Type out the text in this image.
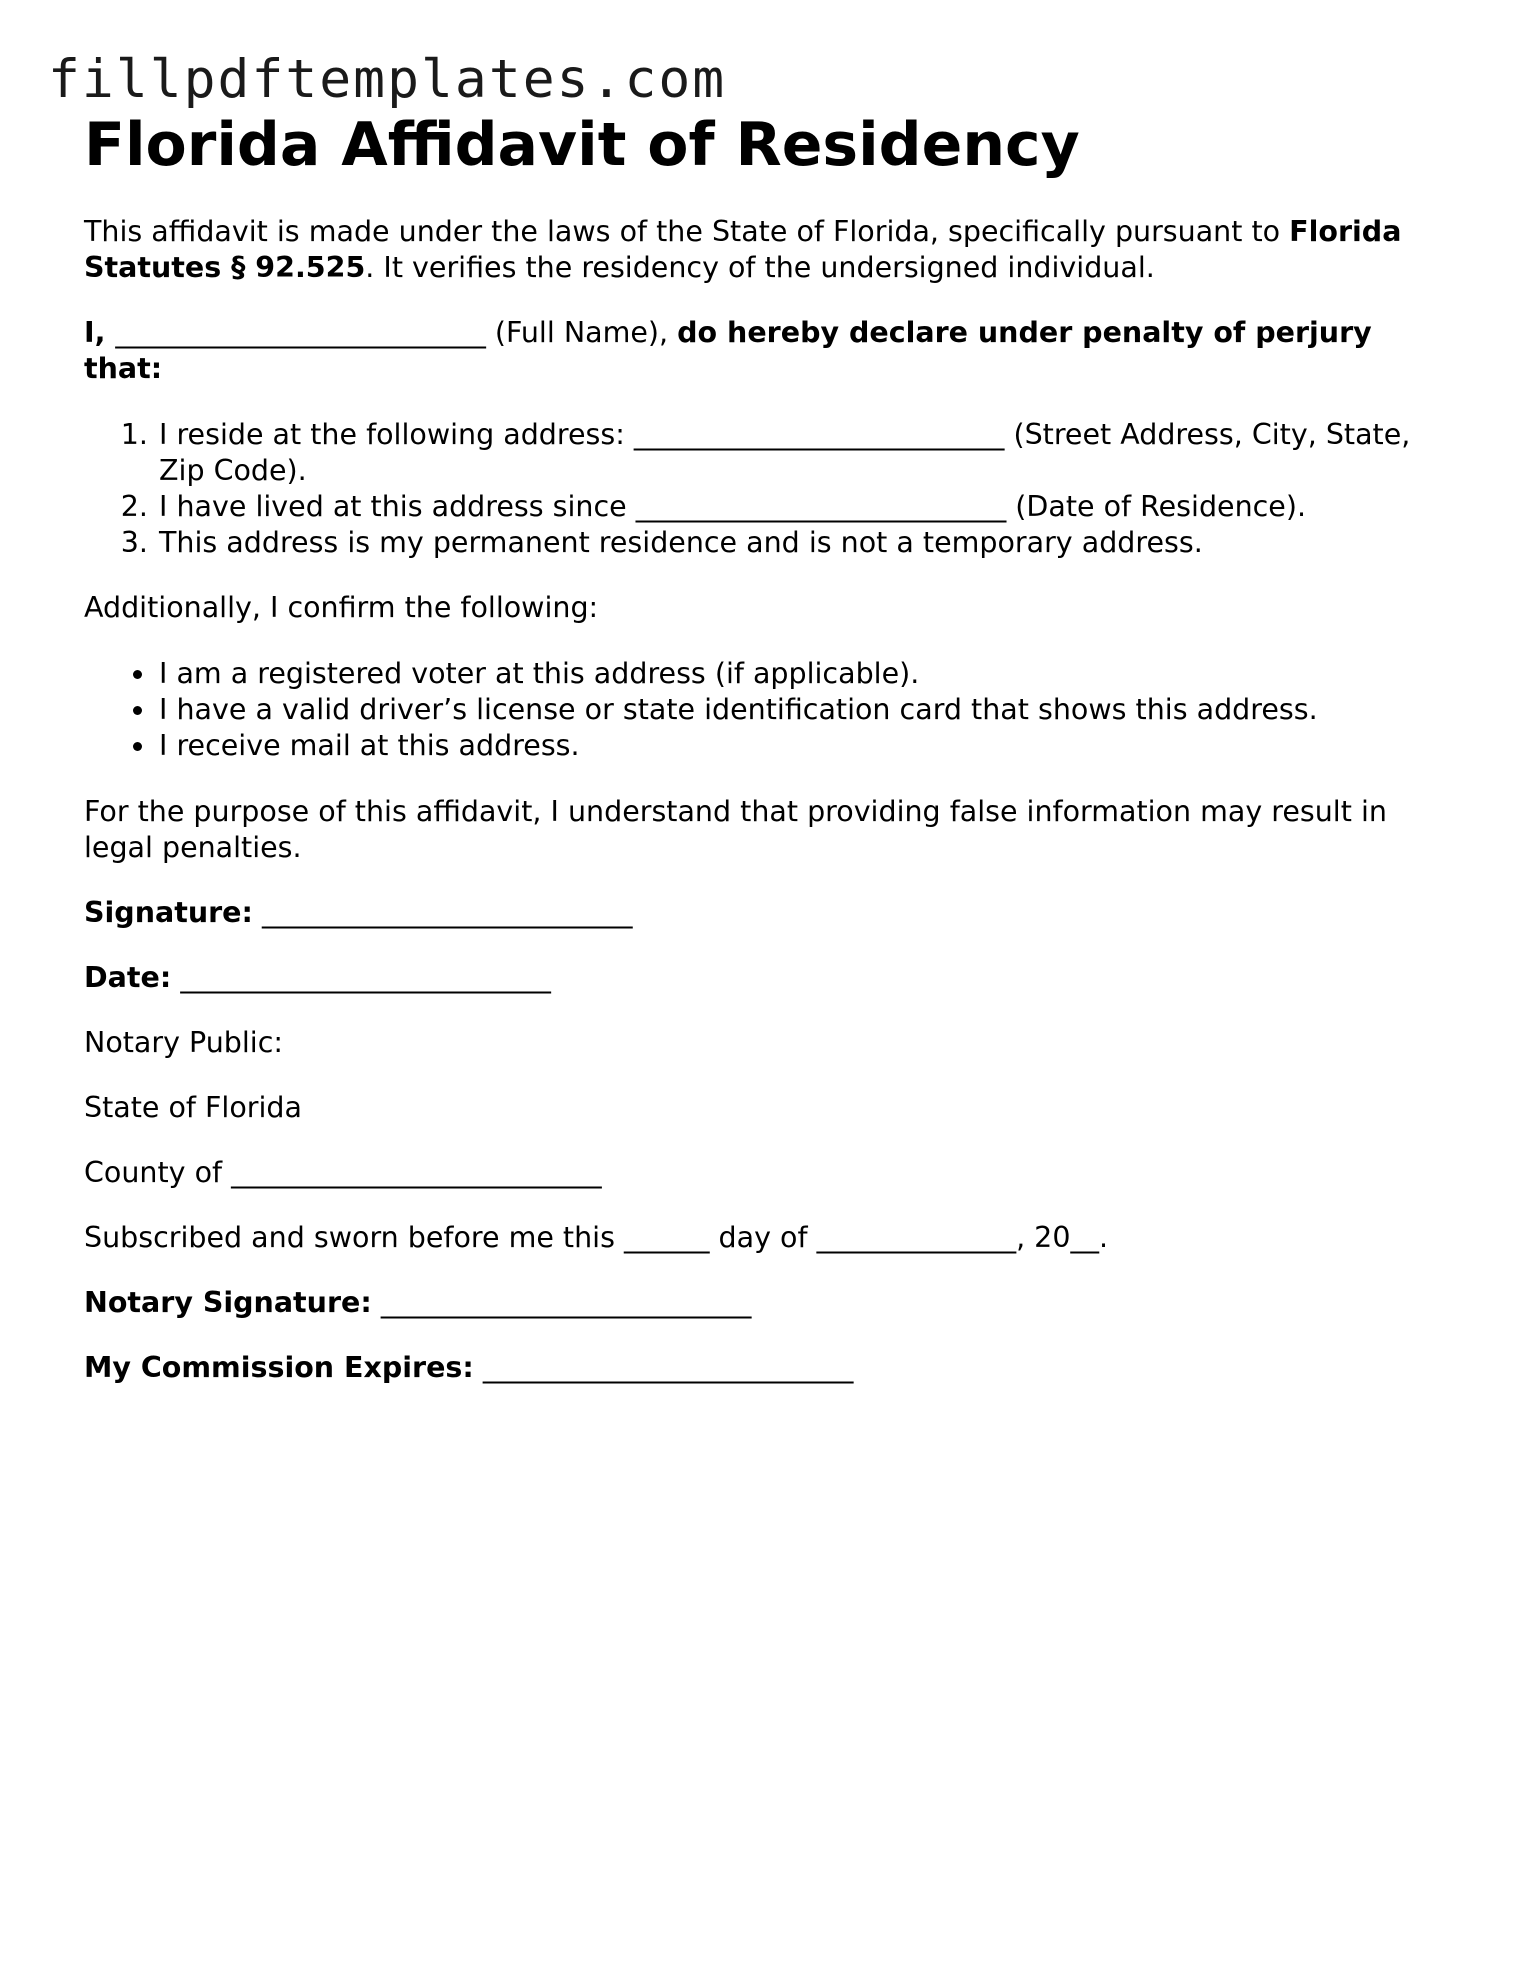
fillpdftemplates.com
Florida Affidavit of Residency

This affidavit is made under the laws of the State of Florida, specifically pursuant to Florida Statutes § 92.525. It verifies the residency of the undersigned individual.

I, __________________________ (Full Name), do hereby declare under penalty of perjury that:

1. I reside at the following address: __________________________ (Street Address, City, State, Zip Code).
2. I have lived at this address since __________________________ (Date of Residence).
3. This address is my permanent residence and is not a temporary address.

Additionally, I confirm the following:

• I am a registered voter at this address (if applicable).
• I have a valid driver’s license or state identification card that shows this address.
• I receive mail at this address.

For the purpose of this affidavit, I understand that providing false information may result in legal penalties.

Signature: __________________________

Date: __________________________

Notary Public:

State of Florida

County of __________________________

Subscribed and sworn before me this ______ day of ______________, 20__.

Notary Signature: __________________________

My Commission Expires: __________________________
